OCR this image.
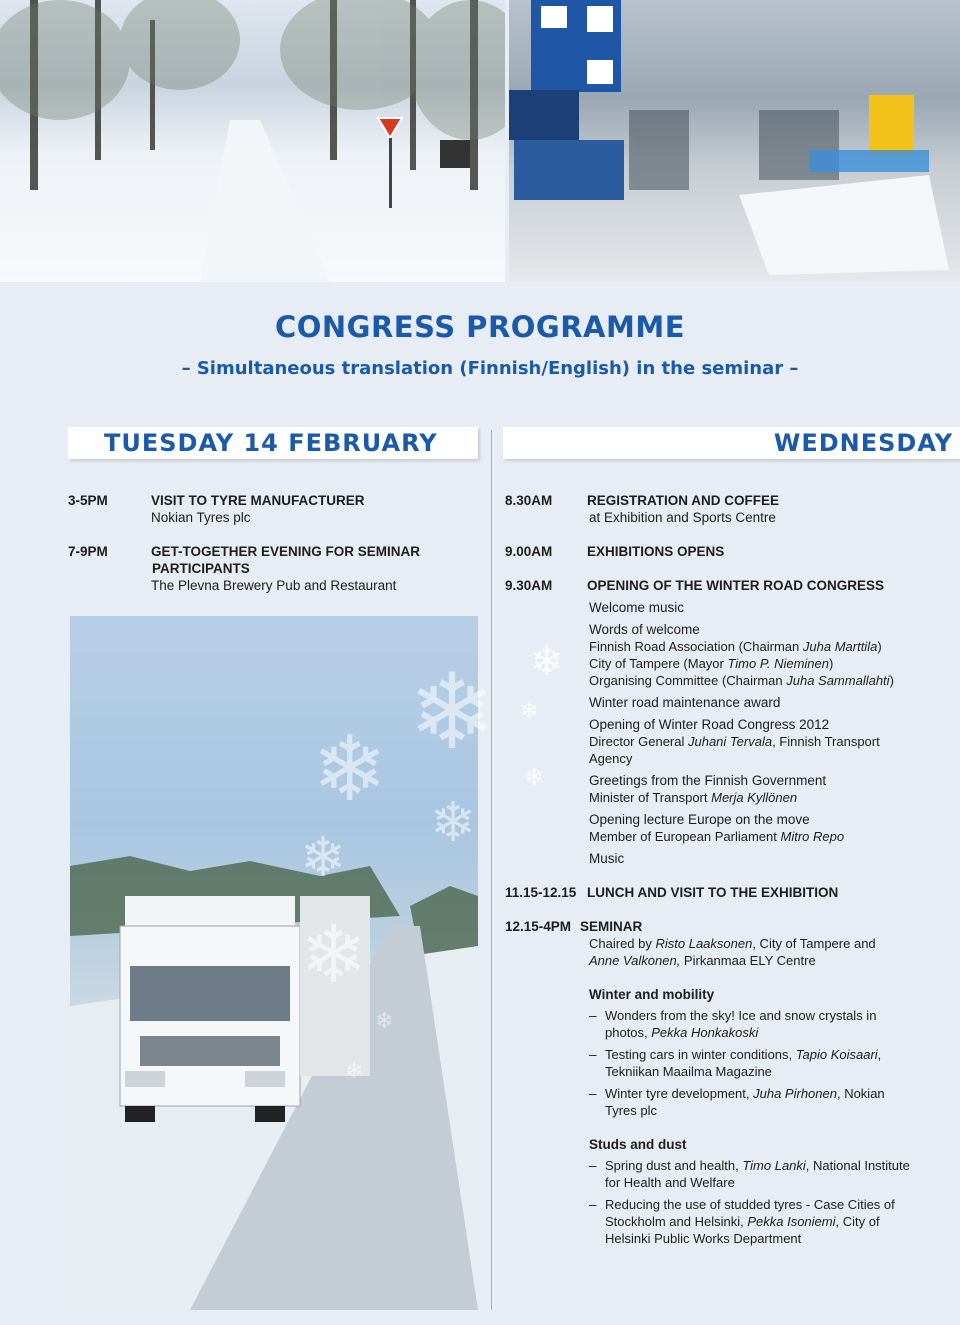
CONGRESS PROGRAMME
– Simultaneous translation (Finnish/English) in the seminar –
TUESDAY 14 FEBRUARY	WEDNESDAY
3-5PM	VISIT TO TYRE MANUFACTURER
Nokian Tyres plc
7-9PM	GET-TOGETHER EVENING FOR SEMINAR
PARTICIPANTS
The Plevna Brewery Pub and Restaurant
❄ ❄
❄
❄
❄
❄
❄
❄
❄
❄
8.30AM	REGISTRATION AND COFFEE
at Exhibition and Sports Centre
9.00AM	EXHIBITIONS OPENS
9.30AM	OPENING OF THE WINTER ROAD CONGRESS
Welcome music
Words of welcome
Finnish Road Association (Chairman Juha Marttila)
City of Tampere (Mayor Timo P. Nieminen)
Organising Committee (Chairman Juha Sammallahti)
Winter road maintenance award
Opening of Winter Road Congress 2012
Director General Juhani Tervala, Finnish Transport
Agency
Greetings from the Finnish Government
Minister of Transport Merja Kyllönen
Opening lecture Europe on the move
Member of European Parliament Mitro Repo
Music
11.15-12.15 LUNCH AND VISIT TO THE EXHIBITION
12.15-4PM SEMINAR
Chaired by Risto Laaksonen, City of Tampere and
Anne Valkonen, Pirkanmaa ELY Centre
Winter and mobility
– Wonders from the sky! Ice and snow crystals in
photos, Pekka Honkakoski
– Testing cars in winter conditions, Tapio Koisaari,
Tekniikan Maailma Magazine
– Winter tyre development, Juha Pirhonen, Nokian
Tyres plc
Studs and dust
– Spring dust and health, Timo Lanki, National Institute
for Health and Welfare
– Reducing the use of studded tyres - Case Cities of
Stockholm and Helsinki, Pekka Isoniemi, City of
Helsinki Public Works Department
